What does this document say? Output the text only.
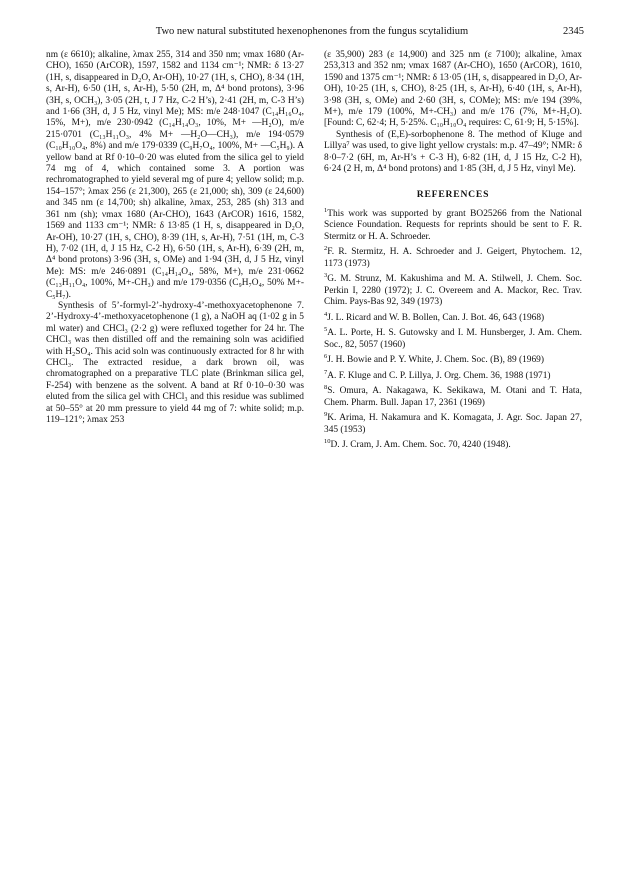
Two new natural substituted hexenophenones from the fungus scytalidium	2345

nm (ε 6610); alkaline, λmax 255, 314 and 350 nm; νmax 1680 (Ar-CHO), 1650 (ArCOR), 1597, 1582 and 1134 cm⁻¹; NMR: δ 13·27 (1H, s, disappeared in D₂O, Ar-OH), 10·27 (1H, s, CHO), 8·34 (1H, s, Ar-H), 6·50 (1H, s, Ar-H), 5·50 (2H, m, Δ⁴ bond protons), 3·96 (3H, s, OCH₃), 3·05 (2H, t, J 7 Hz, C-2 H’s), 2·41 (2H, m, C-3 H’s) and 1·66 (3H, d, J 5 Hz, vinyl Me); MS: m/e 248·1047 (C₁₄H₁₆O₄, 15%, M+), m/e 230·0942 (C₁₄H₁₄O₃, 10%, M+ —H₂O), m/e 215·0701 (C₁₃H₁₁O₃, 4% M+ —H₂O—CH₃), m/e 194·0579 (C₁₀H₁₀O₄, 8%) and m/e 179·0339 (C₉H₇O₄, 100%, M+ —C₅H₉). A yellow band at Rf 0·10–0·20 was eluted from the silica gel to yield 74 mg of 4, which contained some 3. A portion was rechromatographed to yield several mg of pure 4; yellow solid; m.p. 154–157°; λmax 256 (ε 21,300), 265 (ε 21,000; sh), 309 (ε 24,600) and 345 nm (ε 14,700; sh) alkaline, λmax, 253, 285 (sh) 313 and 361 nm (sh); νmax 1680 (Ar-CHO), 1643 (ArCOR) 1616, 1582, 1569 and 1133 cm⁻¹; NMR: δ 13·85 (1 H, s, disappeared in D₂O, Ar-OH), 10·27 (1H, s, CHO), 8·39 (1H, s, Ar-H), 7·51 (1H, m, C-3 H), 7·02 (1H, d, J 15 Hz, C-2 H), 6·50 (1H, s, Ar-H), 6·39 (2H, m, Δ⁴ bond protons) 3·96 (3H, s, OMe) and 1·94 (3H, d, J 5 Hz, vinyl Me): MS: m/e 246·0891 (C₁₄H₁₄O₄, 58%, M+), m/e 231·0662 (C₁₃H₁₁O₄, 100%, M+-CH₃) and m/e 179·0356 (C₉H₇O₄, 50% M+-C₅H₇).

Synthesis of 5’-formyl-2’-hydroxy-4’-methoxyacetophenone 7. 2’-Hydroxy-4’-methoxyacetophenone (1 g), a NaOH aq (1·02 g in 5 ml water) and CHCl₃ (2·2 g) were refluxed together for 24 hr. The CHCl₃ was then distilled off and the remaining soln was acidified with H₂SO₄. This acid soln was continuously extracted for 8 hr with CHCl₃. The extracted residue, a dark brown oil, was chromatographed on a preparative TLC plate (Brinkman silica gel, F-254) with benzene as the solvent. A band at Rf 0·10–0·30 was eluted from the silica gel with CHCl₃ and this residue was sublimed at 50–55° at 20 mm pressure to yield 44 mg of 7: white solid; m.p. 119–121°; λmax 253

(ε 35,900) 283 (ε 14,900) and 325 nm (ε 7100); alkaline, λmax 253,313 and 352 nm; νmax 1687 (Ar-CHO), 1650 (ArCOR), 1610, 1590 and 1375 cm⁻¹; NMR: δ 13·05 (1H, s, disappeared in D₂O, Ar-OH), 10·25 (1H, s, CHO), 8·25 (1H, s, Ar-H), 6·40 (1H, s, Ar-H), 3·98 (3H, s, OMe) and 2·60 (3H, s, COMe); MS: m/e 194 (39%, M+), m/e 179 (100%, M+-CH₃) and m/e 176 (7%, M+-H₂O). [Found: C, 62·4; H, 5·25%. C₁₀H₁₀O₄ requires: C, 61·9; H, 5·15%].

Synthesis of (E,E)-sorbophenone 8. The method of Kluge and Lillya⁷ was used, to give light yellow crystals: m.p. 47–49°; NMR: δ 8·0–7·2 (6H, m, Ar-H’s + C-3 H), 6·82 (1H, d, J 15 Hz, C-2 H), 6·24 (2 H, m, Δ⁴ bond protons) and 1·85 (3H, d, J 5 Hz, vinyl Me).

REFERENCES

$^1$This work was supported by grant BO25266 from the National Science Foundation. Requests for reprints should be sent to F. R. Stermitz or H. A. Schroeder.

$^2$F. R. Stermitz, H. A. Schroeder and J. Geigert, Phytochem. 12, 1173 (1973)

$^3$G. M. Strunz, M. Kakushima and M. A. Stilwell, J. Chem. Soc. Perkin I, 2280 (1972); J. C. Overeem and A. Mackor, Rec. Trav. Chim. Pays-Bas 92, 349 (1973)

$^4$J. L. Ricard and W. B. Bollen, Can. J. Bot. 46, 643 (1968)

$^5$A. L. Porte, H. S. Gutowsky and I. M. Hunsberger, J. Am. Chem. Soc., 82, 5057 (1960)

$^6$J. H. Bowie and P. Y. White, J. Chem. Soc. (B), 89 (1969)

$^7$A. F. Kluge and C. P. Lillya, J. Org. Chem. 36, 1988 (1971)

$^8$S. Omura, A. Nakagawa, K. Sekikawa, M. Otani and T. Hata, Chem. Pharm. Bull. Japan 17, 2361 (1969)

$^9$K. Arima, H. Nakamura and K. Komagata, J. Agr. Soc. Japan 27, 345 (1953)

$^{10}$D. J. Cram, J. Am. Chem. Soc. 70, 4240 (1948).
